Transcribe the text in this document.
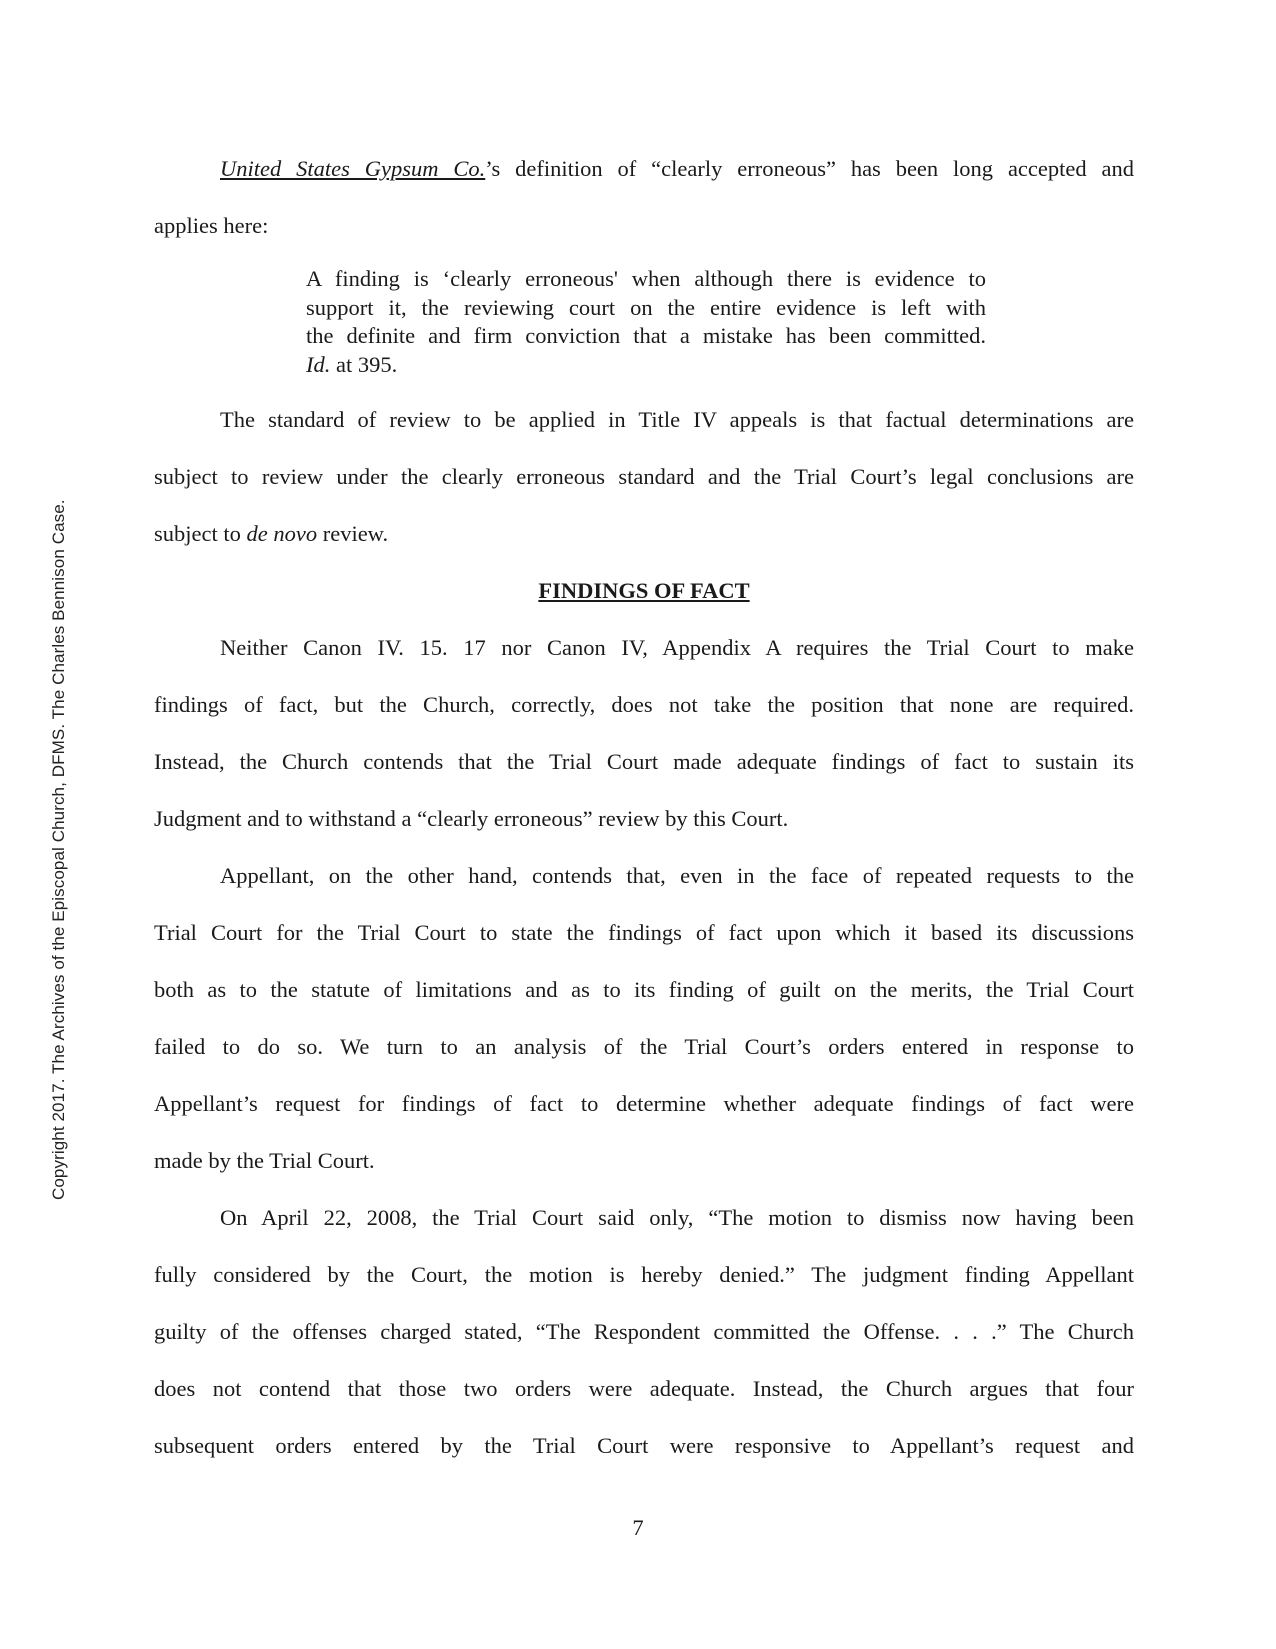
Copyright 2017. The Archives of the Episcopal Church, DFMS. The Charles Bennison Case.

United States Gypsum Co.’s definition of “clearly erroneous” has been long accepted and
applies here:

A finding is ‘clearly erroneous' when although there is evidence to
support it, the reviewing court on the entire evidence is left with
the definite and firm conviction that a mistake has been committed.
Id. at 395.

The standard of review to be applied in Title IV appeals is that factual determinations are
subject to review under the clearly erroneous standard and the Trial Court’s legal conclusions are
subject to de novo review.

FINDINGS OF FACT

Neither Canon IV. 15. 17 nor Canon IV, Appendix A requires the Trial Court to make
findings of fact, but the Church, correctly, does not take the position that none are required.
Instead, the Church contends that the Trial Court made adequate findings of fact to sustain its
Judgment and to withstand a “clearly erroneous” review by this Court.

Appellant, on the other hand, contends that, even in the face of repeated requests to the
Trial Court for the Trial Court to state the findings of fact upon which it based its discussions
both as to the statute of limitations and as to its finding of guilt on the merits, the Trial Court
failed to do so. We turn to an analysis of the Trial Court’s orders entered in response to
Appellant’s request for findings of fact to determine whether adequate findings of fact were
made by the Trial Court.

On April 22, 2008, the Trial Court said only, “The motion to dismiss now having been
fully considered by the Court, the motion is hereby denied.” The judgment finding Appellant
guilty of the offenses charged stated, “The Respondent committed the Offense. . . .” The Church
does not contend that those two orders were adequate. Instead, the Church argues that four
subsequent orders entered by the Trial Court were responsive to Appellant’s request and

7
